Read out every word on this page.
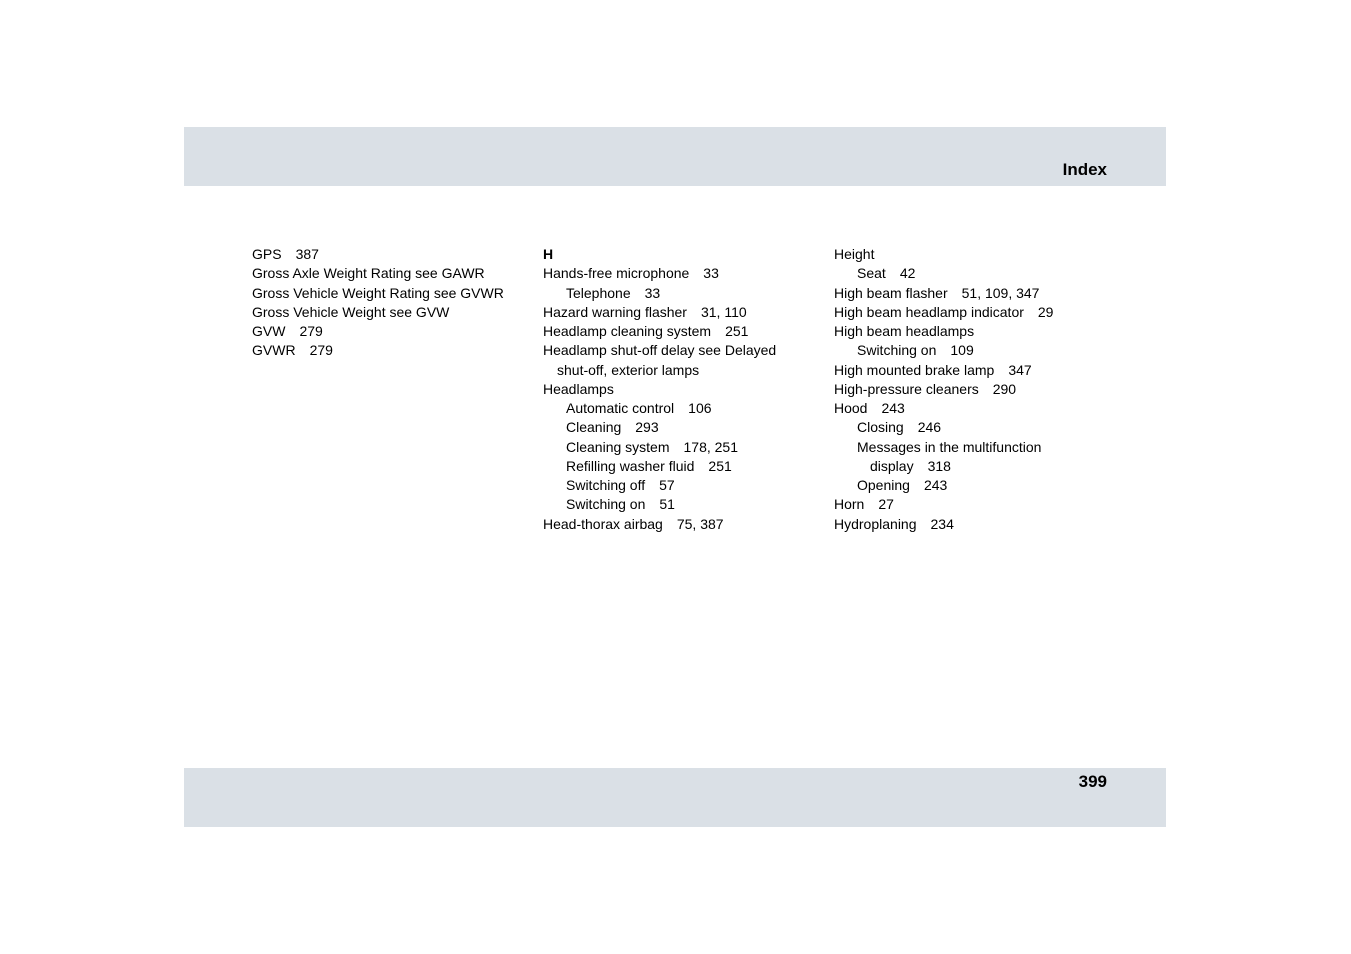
Index
GPS 387
Gross Axle Weight Rating see GAWR
Gross Vehicle Weight Rating see GVWR
Gross Vehicle Weight see GVW
GVW 279
GVWR 279
H
Hands-free microphone 33
Telephone 33
Hazard warning flasher 31, 110
Headlamp cleaning system 251
Headlamp shut-off delay see Delayed
shut-off, exterior lamps
Headlamps
Automatic control 106
Cleaning 293
Cleaning system 178, 251
Refilling washer fluid 251
Switching off 57
Switching on 51
Head-thorax airbag 75, 387
Height
Seat 42
High beam flasher 51, 109, 347
High beam headlamp indicator 29
High beam headlamps
Switching on 109
High mounted brake lamp 347
High-pressure cleaners 290
Hood 243
Closing 246
Messages in the multifunction
display 318
Opening 243
Horn 27
Hydroplaning 234
399
